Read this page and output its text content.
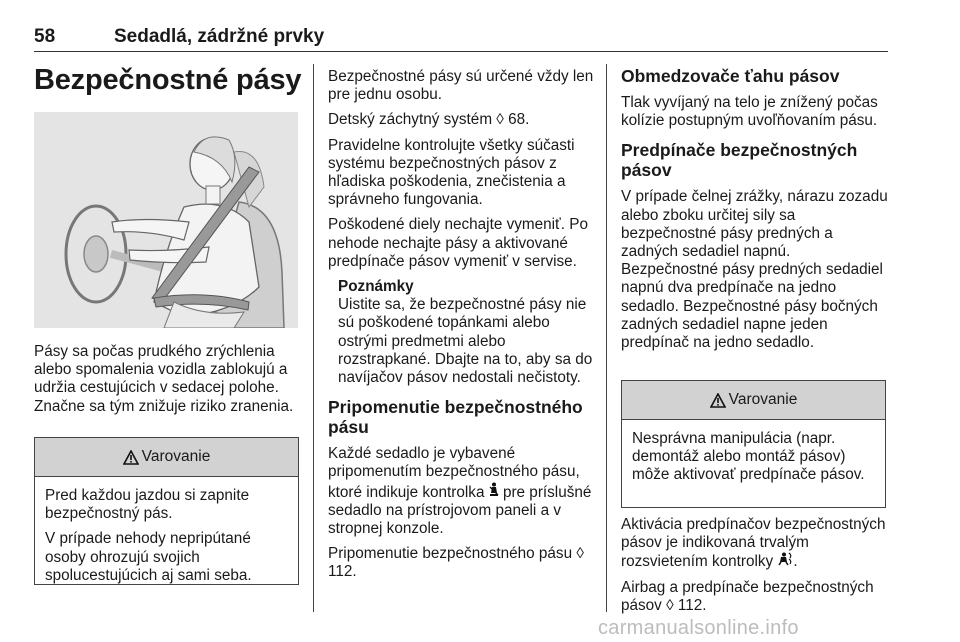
58	Sedadlá, zádržné prvky
Bezpečnostné pásy

Pásy sa počas prudkého zrýchlenia alebo spomalenia vozidla zablokujú a udržia cestujúcich v sedacej polohe. Značne sa tým znižuje riziko zranenia.

Varovanie

Pred každou jazdou si zapnite bezpečnostný pás.

V prípade nehody nepripútané osoby ohrozujú svojich spolucestujúcich aj sami seba.

Bezpečnostné pásy sú určené vždy len pre jednu osobu.

Detský záchytný systém ◊ 68.

Pravidelne kontrolujte všetky súčasti systému bezpečnostných pásov z hľadiska poškodenia, znečistenia a správneho fungovania.

Poškodené diely nechajte vymeniť. Po nehode nechajte pásy a aktivované predpínače pásov vymeniť v servise.

Poznámky
Uistite sa, že bezpečnostné pásy nie sú poškodené topánkami alebo ostrými predmetmi alebo rozstrapkané. Dbajte na to, aby sa do navíjačov pásov nedostali nečistoty.
Pripomenutie bezpečnostného pásu

Každé sedadlo je vybavené pripomenutím bezpečnostného pásu, ktoré indikuje kontrolka pre príslušné sedadlo na prístrojovom paneli a v stropnej konzole.

Pripomenutie bezpečnostného pásu ◊ 112.

Obmedzovače ťahu pásov

Tlak vyvíjaný na telo je znížený počas kolízie postupným uvoľňovaním pásu.

Predpínače bezpečnostných pásov

V prípade čelnej zrážky, nárazu zozadu alebo zboku určitej sily sa bezpečnostné pásy predných a zadných sedadiel napnú.

Bezpečnostné pásy predných sedadiel napnú dva predpínače na jedno sedadlo. Bezpečnostné pásy bočných zadných sedadiel napne jeden predpínač na jedno sedadlo.

Varovanie

Nesprávna manipulácia (napr. demontáž alebo montáž pásov) môže aktivovať predpínače pásov.

Aktivácia predpínačov bezpečnostných pásov je indikovaná trvalým rozsvietením kontrolky .

Airbag a predpínače bezpečnostných pásov ◊ 112.

carmanualsonline.info
